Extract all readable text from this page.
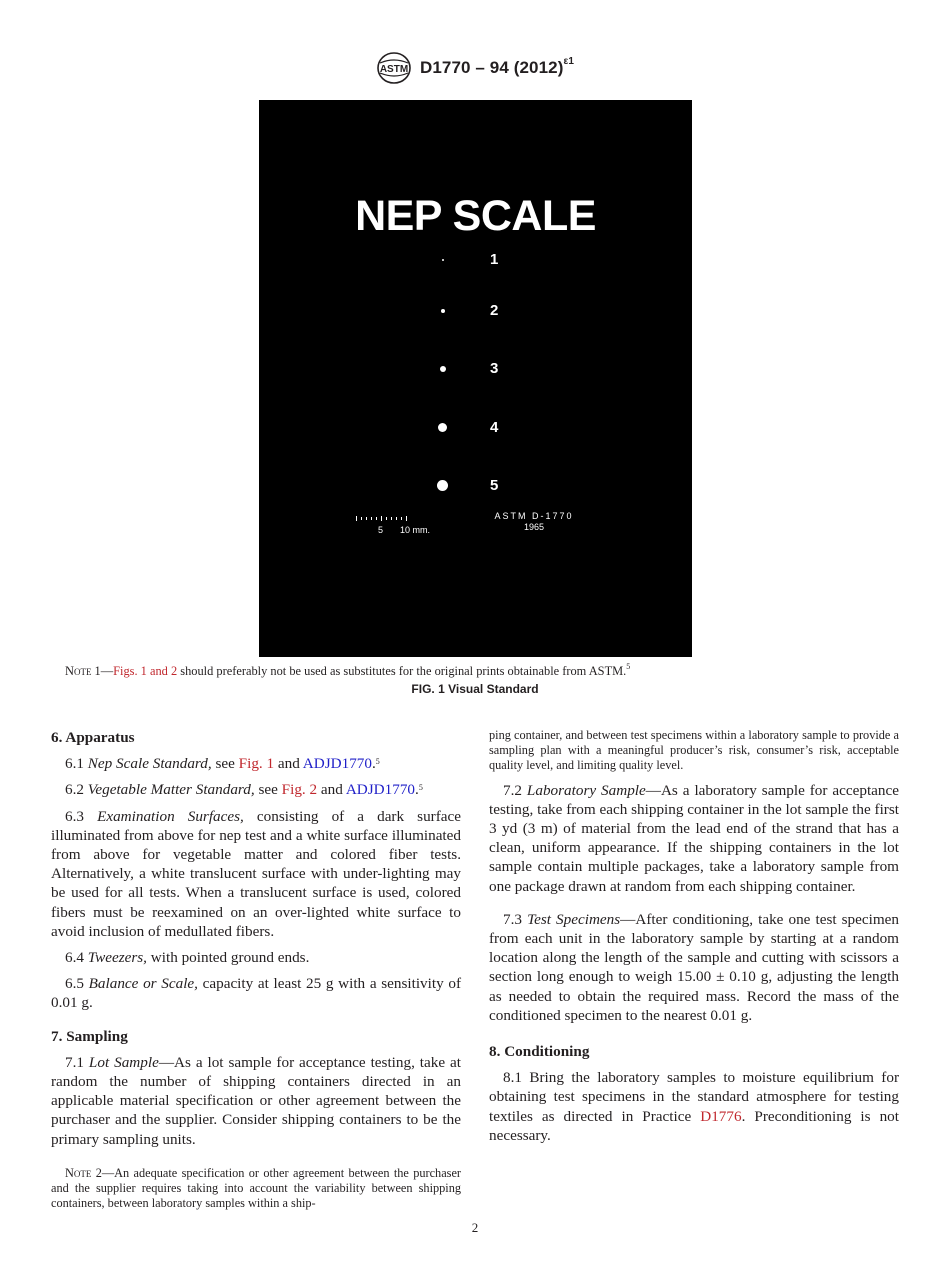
ASTM D1770 – 94 $(2012)^{\varepsilon 1}$
NEP SCALE
1
2
3
4
5
5 10 mm.
ASTM D-1770
1965
Note 1—Figs. 1 and 2 should preferably not be used as substitutes for the original prints obtainable from ASTM.$^5$
FIG. 1 Visual Standard
6. Apparatus

6.1 Nep Scale Standard, see Fig. 1 and ADJD1770.$^5$

6.2 Vegetable Matter Standard, see Fig. 2 and ADJD1770.$^5$

6.3 Examination Surfaces, consisting of a dark surface illuminated from above for nep test and a white surface illuminated from above for vegetable matter and colored fiber tests. Alternatively, a white translucent surface with under-lighting may be used for all tests. When a translucent surface is used, colored fibers must be reexamined on an over-lighted white surface to avoid inclusion of medullated fibers.

6.4 Tweezers, with pointed ground ends.

6.5 Balance or Scale, capacity at least 25 g with a sensitivity of 0.01 g.

7. Sampling

7.1 Lot Sample—As a lot sample for acceptance testing, take at random the number of shipping containers directed in an applicable material specification or other agreement between the purchaser and the supplier. Consider shipping containers to be the primary sampling units.

Note 2—An adequate specification or other agreement between the purchaser and the supplier requires taking into account the variability between shipping containers, between laboratory samples within a ship-

ping container, and between test specimens within a laboratory sample to provide a sampling plan with a meaningful producer’s risk, consumer’s risk, acceptable quality level, and limiting quality level.

7.2 Laboratory Sample—As a laboratory sample for acceptance testing, take from each shipping container in the lot sample the first 3 yd (3 m) of material from the lead end of the strand that has a clean, uniform appearance. If the shipping containers in the lot sample contain multiple packages, take a laboratory sample from one package drawn at random from each shipping container.

7.3 Test Specimens—After conditioning, take one test specimen from each unit in the laboratory sample by starting at a random location along the length of the sample and cutting with scissors a section long enough to weigh 15.00 ± 0.10 g, adjusting the length as needed to obtain the required mass. Record the mass of the conditioned specimen to the nearest 0.01 g.

8. Conditioning

8.1 Bring the laboratory samples to moisture equilibrium for obtaining test specimens in the standard atmosphere for testing textiles as directed in Practice D1776. Preconditioning is not necessary.

2
